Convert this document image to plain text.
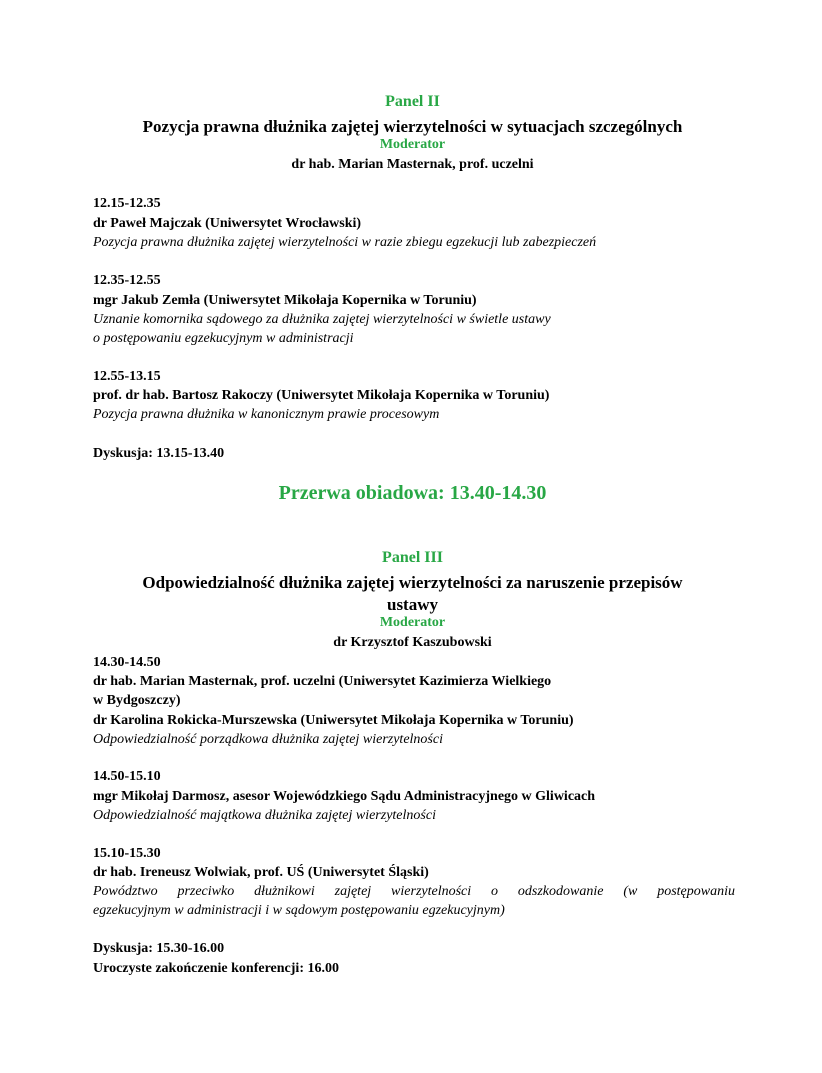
Panel II
Pozycja prawna dłużnika zajętej wierzytelności w sytuacjach szczególnych
Moderator
dr hab. Marian Masternak, prof. uczelni
12.15-12.35
dr Paweł Majczak (Uniwersytet Wrocławski)
Pozycja prawna dłużnika zajętej wierzytelności w razie zbiegu egzekucji lub zabezpieczeń
12.35-12.55
mgr Jakub Zemła (Uniwersytet Mikołaja Kopernika w Toruniu)
Uznanie komornika sądowego za dłużnika zajętej wierzytelności w świetle ustawy
o postępowaniu egzekucyjnym w administracji
12.55-13.15
prof. dr hab. Bartosz Rakoczy (Uniwersytet Mikołaja Kopernika w Toruniu)
Pozycja prawna dłużnika w kanonicznym prawie procesowym
Dyskusja: 13.15-13.40
Przerwa obiadowa: 13.40-14.30
Panel III
Odpowiedzialność dłużnika zajętej wierzytelności za naruszenie przepisów
ustawy
Moderator
dr Krzysztof Kaszubowski
14.30-14.50
dr hab. Marian Masternak, prof. uczelni (Uniwersytet Kazimierza Wielkiego
w Bydgoszczy)
dr Karolina Rokicka-Murszewska (Uniwersytet Mikołaja Kopernika w Toruniu)
Odpowiedzialność porządkowa dłużnika zajętej wierzytelności
14.50-15.10
mgr Mikołaj Darmosz, asesor Wojewódzkiego Sądu Administracyjnego w Gliwicach
Odpowiedzialność majątkowa dłużnika zajętej wierzytelności
15.10-15.30
dr hab. Ireneusz Wolwiak, prof. UŚ (Uniwersytet Śląski)
Powództwo przeciwko dłużnikowi zajętej wierzytelności o odszkodowanie (w postępowaniu
egzekucyjnym w administracji i w sądowym postępowaniu egzekucyjnym)
Dyskusja: 15.30-16.00
Uroczyste zakończenie konferencji: 16.00
